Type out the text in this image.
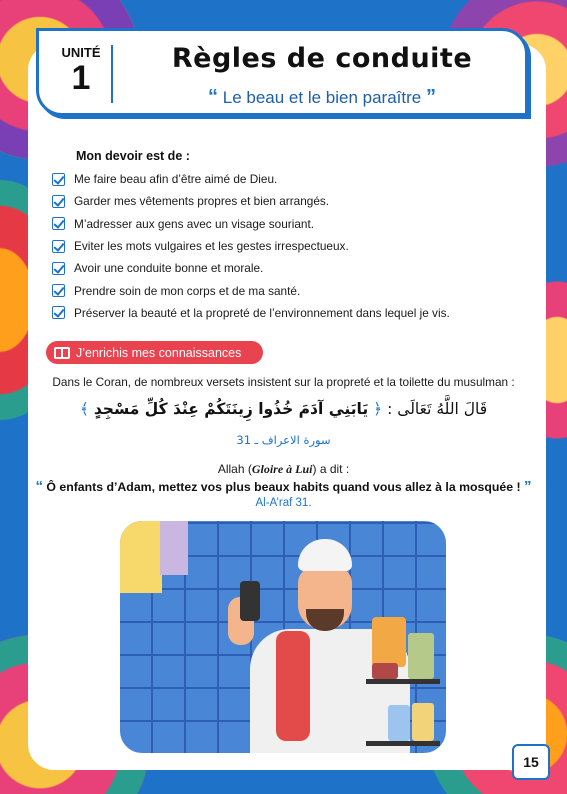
UNITÉ
1
Règles de conduite
“ Le beau et le bien paraître ”
Mon devoir est de :
Me faire beau afin d’être aimé de Dieu.
Garder mes vêtements propres et bien arrangés.
M’adresser aux gens avec un visage souriant.
Eviter les mots vulgaires et les gestes irrespectueux.
Avoir une conduite bonne et morale.
Prendre soin de mon corps et de ma santé.
Préserver la beauté et la propreté de l’environnement dans lequel je vis.
J’enrichis mes connaissances
Dans le Coran, de nombreux versets insistent sur la propreté et la toilette du musulman :
قَالَ اللَّهُ تَعَالَى : ﴿ يَابَنِي آدَمَ خُذُوا زِينَتَكُمْ عِنْدَ كُلِّ مَسْجِدٍ ﴾
سورة الاعراف ـ 31
Allah (Gloire à Lui) a dit :
“ Ô enfants d’Adam, mettez vos plus beaux habits quand vous allez à la mosquée ! ”
Al-A’raf 31.
15
